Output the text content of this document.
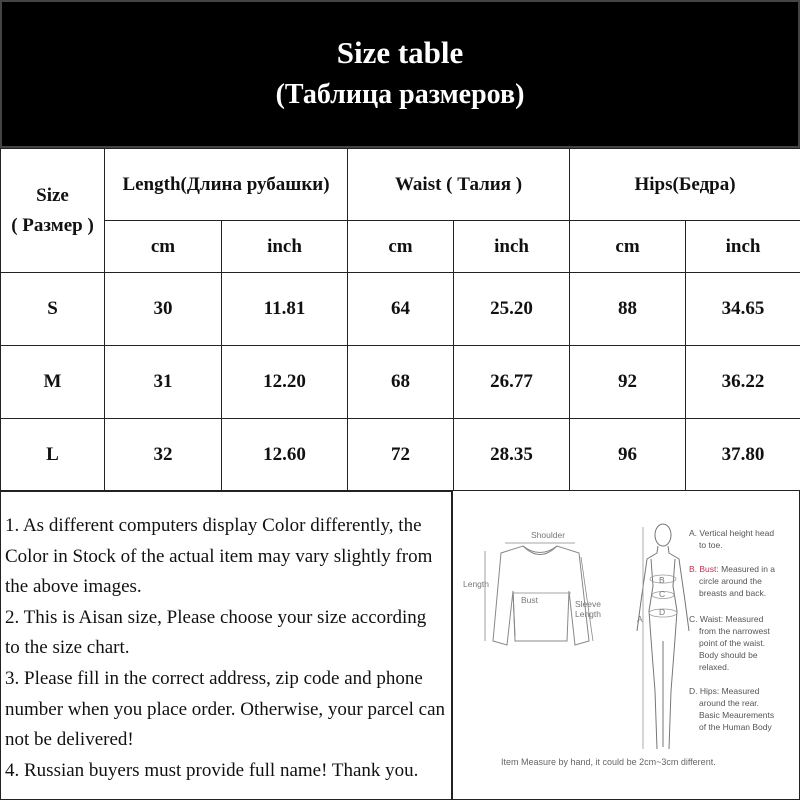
Size table
(Таблица размеров)
Size
( Размер )	Length(Длина рубашки)		Waist ( Талия )		Hips(Бедра)	
	cm	inch	cm	inch	cm	inch
S	30	11.81	64	25.20	88	34.65
M	31	12.20	68	26.77	92	36.22
L	32	12.60	72	28.35	96	37.80

1. As different computers display Color differently, the

Color in Stock of the actual item may vary slightly from

the above images.

2. This is Aisan size, Please choose your size according

to the size chart.

3. Please fill in the correct address, zip code and phone

number when you place order. Otherwise, your parcel can

not be delivered!

4. Russian buyers must provide full name! Thank you.

Shoulder
Length
Bust	Sleeve
Length	A
B
C
D
A. Vertical height head
to toe.
B. Bust: Measured in a
circle around the
breasts and back.
C. Waist: Measured
from the narrowest
point of the waist.
Body should be
relaxed.
D. Hips: Measured
around the rear.
Basic Meaurements
of the Human Body
Item Measure by hand, it could be 2cm~3cm different.
